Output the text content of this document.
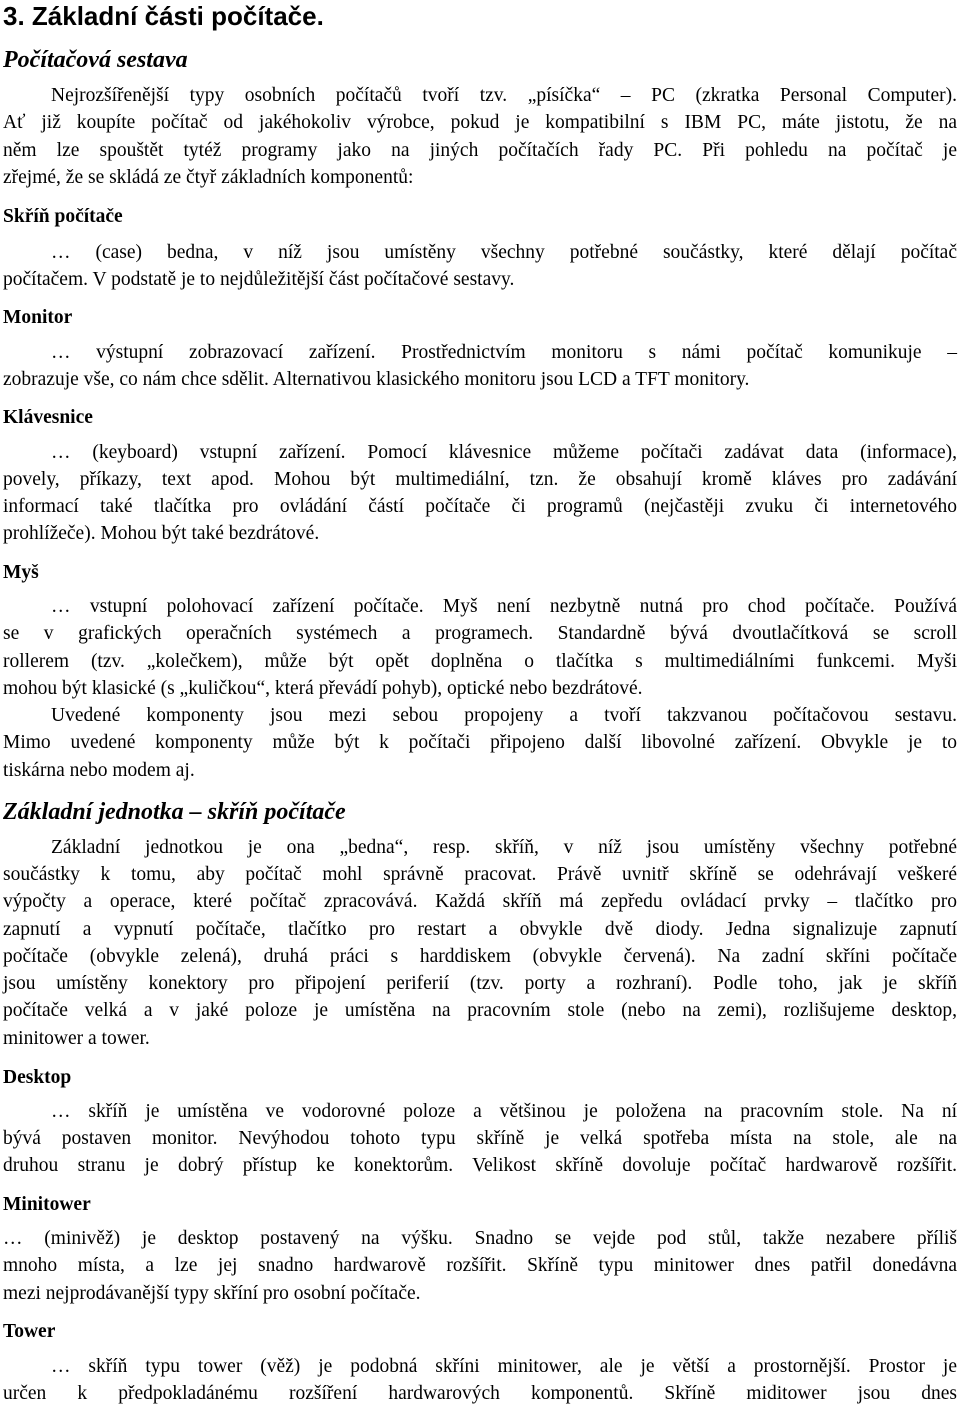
3. Základní části počítače.
Počítačová sestava
Nejrozšířenější typy osobních počítačů tvoří tzv. „písíčka“ – PC (zkratka Personal Computer).
Ať již koupíte počítač od jakéhokoliv výrobce, pokud je kompatibilní s IBM PC, máte jistotu, že na
něm lze spouštět tytéž programy jako na jiných počítačích řady PC. Při pohledu na počítač je
zřejmé, že se skládá ze čtyř základních komponentů:
Skříň počítače
… (case) bedna, v níž jsou umístěny všechny potřebné součástky, které dělají počítač
počítačem. V podstatě je to nejdůležitější část počítačové sestavy.
Monitor
… výstupní zobrazovací zařízení. Prostřednictvím monitoru s námi počítač komunikuje –
zobrazuje vše, co nám chce sdělit. Alternativou klasického monitoru jsou LCD a TFT monitory.
Klávesnice
… (keyboard) vstupní zařízení. Pomocí klávesnice můžeme počítači zadávat data (informace),
povely, příkazy, text apod. Mohou být multimediální, tzn. že obsahují kromě kláves pro zadávání
informací také tlačítka pro ovládání částí počítače či programů (nejčastěji zvuku či internetového
prohlížeče). Mohou být také bezdrátové.
Myš
… vstupní polohovací zařízení počítače. Myš není nezbytně nutná pro chod počítače. Používá
se v grafických operačních systémech a programech. Standardně bývá dvoutlačítková se scroll
rollerem (tzv. „kolečkem), může být opět doplněna o tlačítka s multimediálními funkcemi. Myši
mohou být klasické (s „kuličkou“, která převádí pohyb), optické nebo bezdrátové.
Uvedené komponenty jsou mezi sebou propojeny a tvoří takzvanou počítačovou sestavu.
Mimo uvedené komponenty může být k počítači připojeno další libovolné zařízení. Obvykle je to
tiskárna nebo modem aj.
Základní jednotka – skříň počítače
Základní jednotkou je ona „bedna“, resp. skříň, v níž jsou umístěny všechny potřebné
součástky k tomu, aby počítač mohl správně pracovat. Právě uvnitř skříně se odehrávají veškeré
výpočty a operace, které počítač zpracovává. Každá skříň má zepředu ovládací prvky – tlačítko pro
zapnutí a vypnutí počítače, tlačítko pro restart a obvykle dvě diody. Jedna signalizuje zapnutí
počítače (obvykle zelená), druhá práci s harddiskem (obvykle červená). Na zadní skříni počítače
jsou umístěny konektory pro připojení periferií (tzv. porty a rozhraní). Podle toho, jak je skříň
počítače velká a v jaké poloze je umístěna na pracovním stole (nebo na zemi), rozlišujeme desktop,
minitower a tower.
Desktop
… skříň je umístěna ve vodorovné poloze a většinou je položena na pracovním stole. Na ní
bývá postaven monitor. Nevýhodou tohoto typu skříně je velká spotřeba místa na stole, ale na
druhou stranu je dobrý přístup ke konektorům. Velikost skříně dovoluje počítač hardwarově rozšířit.
Minitower
… (minivěž) je desktop postavený na výšku. Snadno se vejde pod stůl, takže nezabere příliš
mnoho místa, a lze jej snadno hardwarově rozšířit. Skříně typu minitower dnes patřil donedávna
mezi nejprodávanější typy skříní pro osobní počítače.
Tower
… skříň typu tower (věž) je podobná skříni minitower, ale je větší a prostornější. Prostor je
určen k předpokladánému rozšíření hardwarových komponentů. Skříně miditower jsou dnes
